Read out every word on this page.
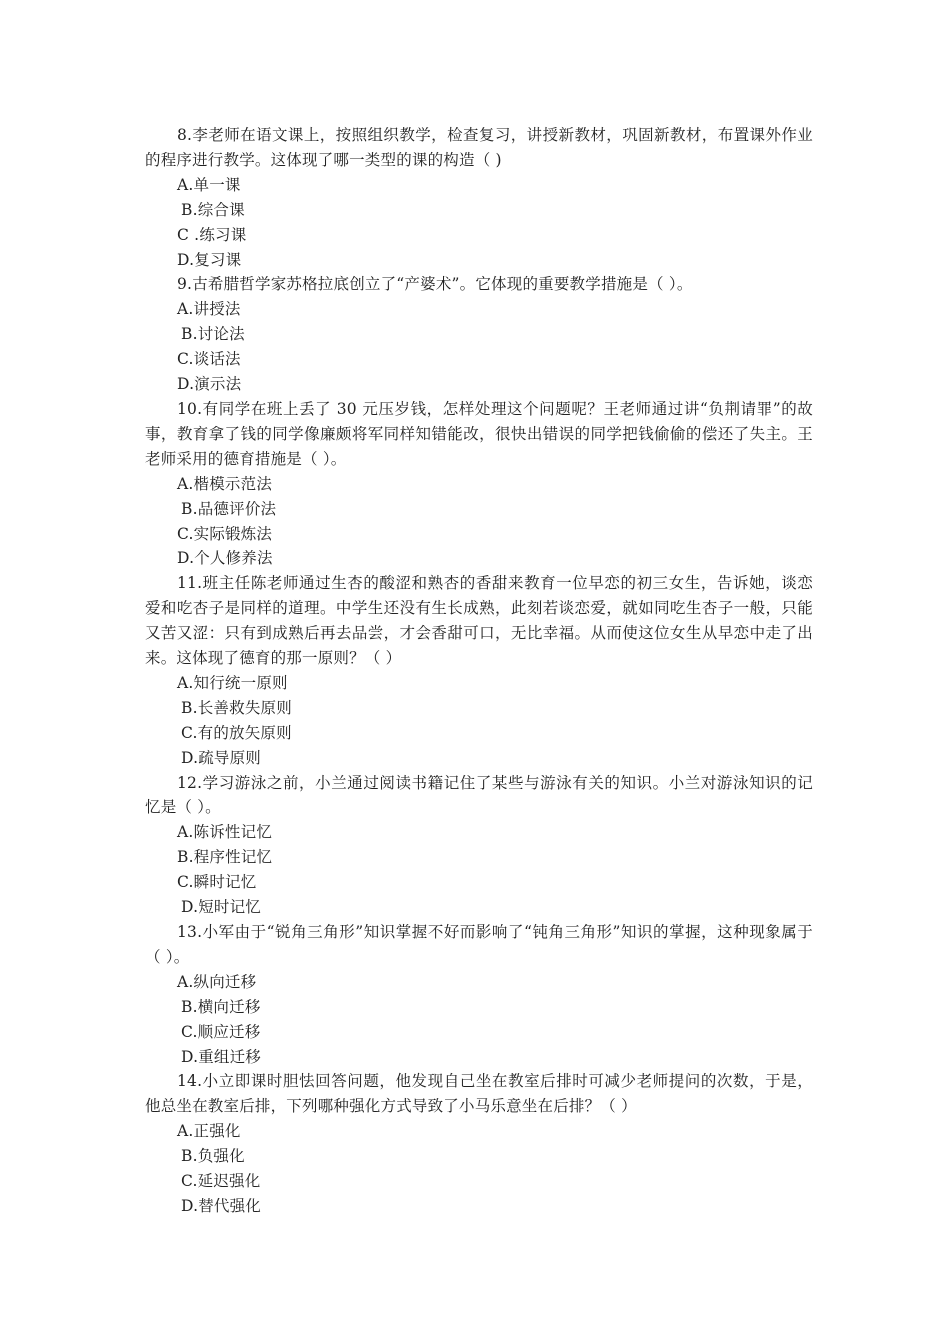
8.李老师在语文课上，按照组织教学，检查复习，讲授新教材，巩固新教材，布置课外作业的程序进行教学。这体现了哪一类型的课的构造（ )

A.单一课

B.综合课

C .练习课

D.复习课

9.古希腊哲学家苏格拉底创立了“产婆术”。它体现的重要教学措施是（ ）。

A.讲授法

B.讨论法

C.谈话法

D.演示法

10.有同学在班上丢了 30 元压岁钱，怎样处理这个问题呢？王老师通过讲“负荆请罪”的故事，教育拿了钱的同学像廉颇将军同样知错能改，很快出错误的同学把钱偷偷的偿还了失主。王老师采用的德育措施是（ ）。

A.楷模示范法

B.品德评价法

C.实际锻炼法

D.个人修养法

11.班主任陈老师通过生杏的酸涩和熟杏的香甜来教育一位早恋的初三女生，告诉她，谈恋爱和吃杏子是同样的道理。中学生还没有生长成熟，此刻若谈恋爱，就如同吃生杏子一般，只能又苦又涩：只有到成熟后再去品尝，才会香甜可口，无比幸福。从而使这位女生从早恋中走了出来。这体现了德育的那一原则？（ ）

A.知行统一原则

B.长善救失原则

C.有的放矢原则

D.疏导原则

12.学习游泳之前，小兰通过阅读书籍记住了某些与游泳有关的知识。小兰对游泳知识的记忆是（ ）。

A.陈诉性记忆

B.程序性记忆

C.瞬时记忆

D.短时记忆

13.小军由于“锐角三角形”知识掌握不好而影响了“钝角三角形”知识的掌握，这种现象属于（ ）。

A.纵向迁移

B.横向迁移

C.顺应迁移

D.重组迁移

14.小立即课时胆怯回答问题，他发现自己坐在教室后排时可减少老师提问的次数，于是，他总坐在教室后排，下列哪种强化方式导致了小马乐意坐在后排？（ ）

A.正强化

B.负强化

C.延迟强化

D.替代强化
